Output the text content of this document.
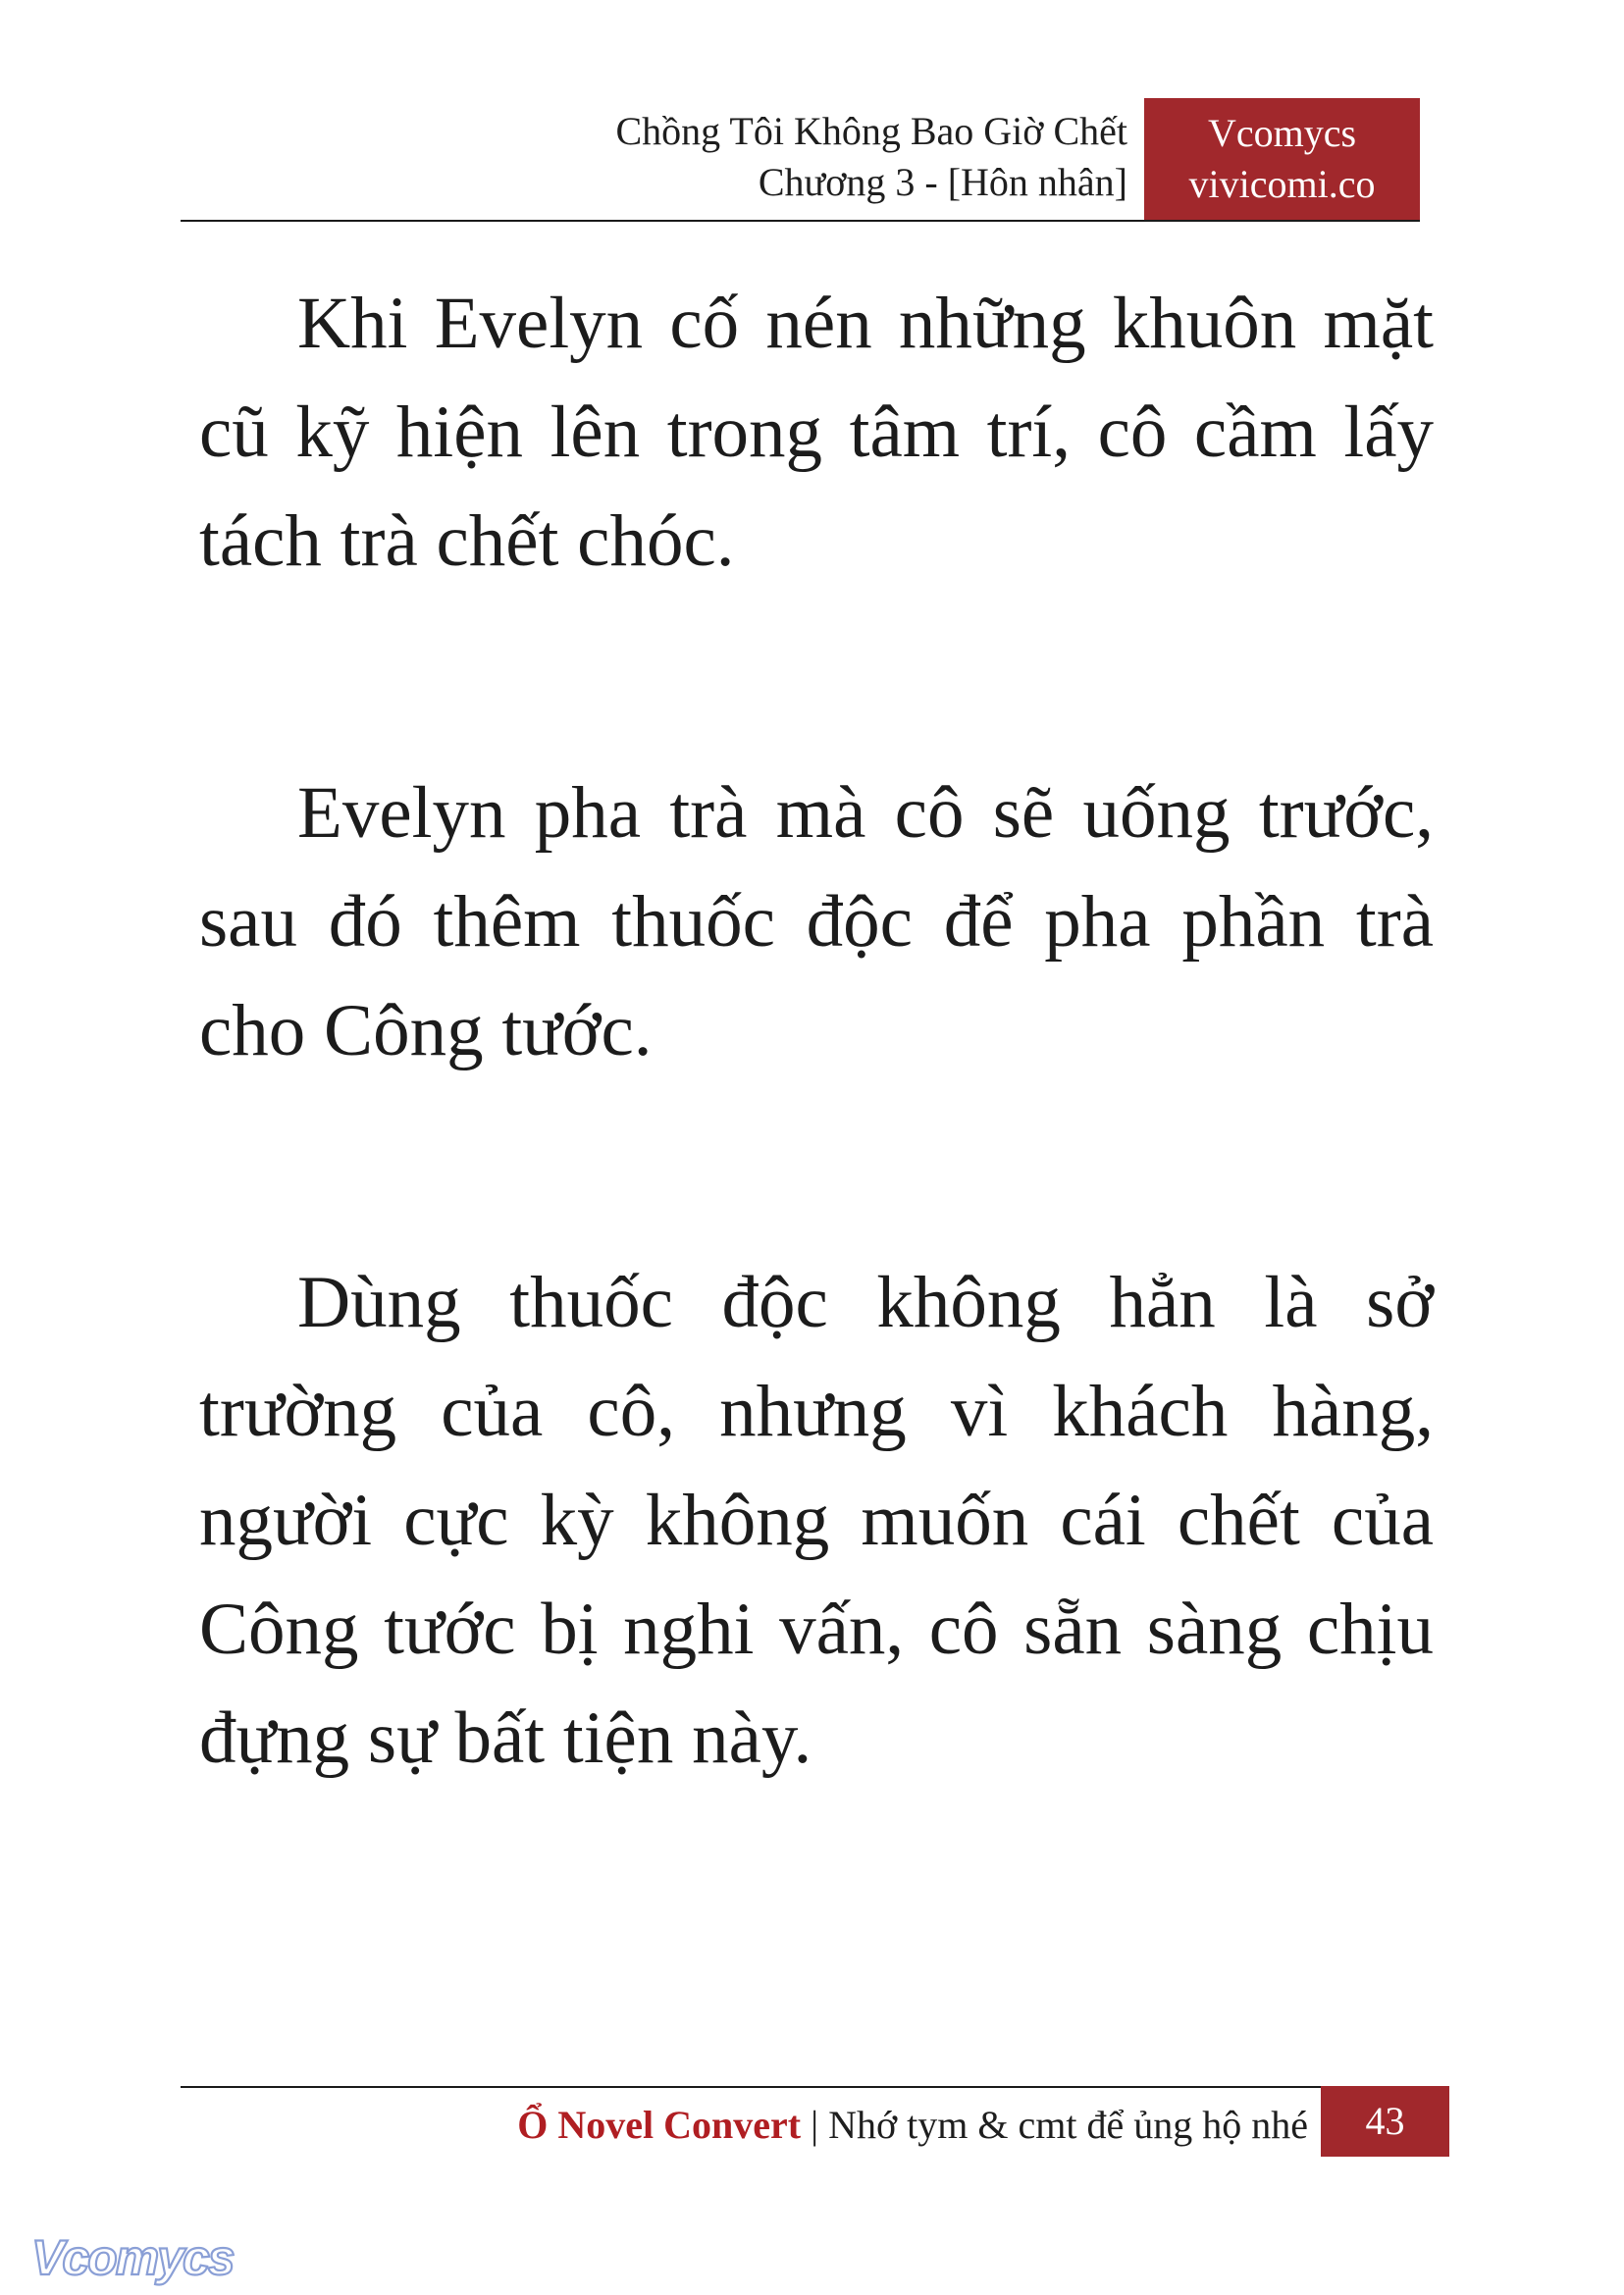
Chồng Tôi Không Bao Giờ Chết
Chương 3 - [Hôn nhân]
Vcomycs
vivicomi.co

Khi Evelyn cố nén những khuôn mặt cũ kỹ hiện lên trong tâm trí, cô cầm lấy tách trà chết chóc.

Evelyn pha trà mà cô sẽ uống trước, sau đó thêm thuốc độc để pha phần trà cho Công tước.

Dùng thuốc độc không hẳn là sở trường của cô, nhưng vì khách hàng, người cực kỳ không muốn cái chết của Công tước bị nghi vấn, cô sẵn sàng chịu đựng sự bất tiện này.

Ổ Novel Convert | Nhớ tym & cmt để ủng hộ nhé	43
Vcomycs
